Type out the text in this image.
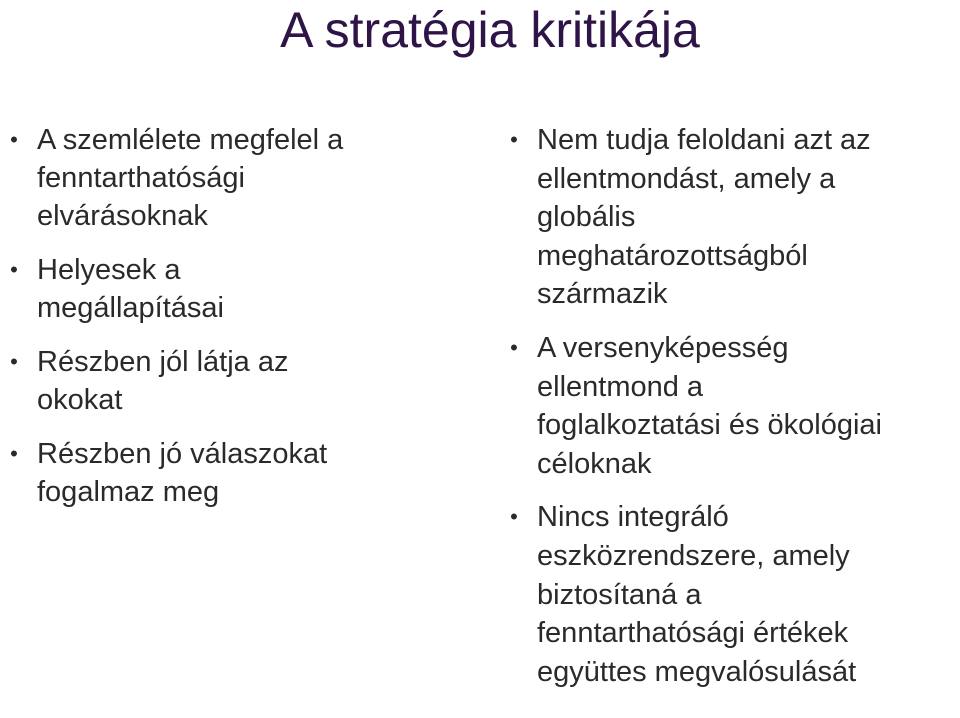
A stratégia kritikája
• A szemlélete megfelel a
fenntarthatósági
elvárásoknak
• Helyesek a
megállapításai
• Részben jól látja az
okokat
• Részben jó válaszokat
fogalmaz meg
• Nem tudja feloldani azt az
ellentmondást, amely a
globális
meghatározottságból
származik
• A versenyképesség
ellentmond a
foglalkoztatási és ökológiai
céloknak
• Nincs integráló
eszközrendszere, amely
biztosítaná a
fenntarthatósági értékek
együttes megvalósulását
